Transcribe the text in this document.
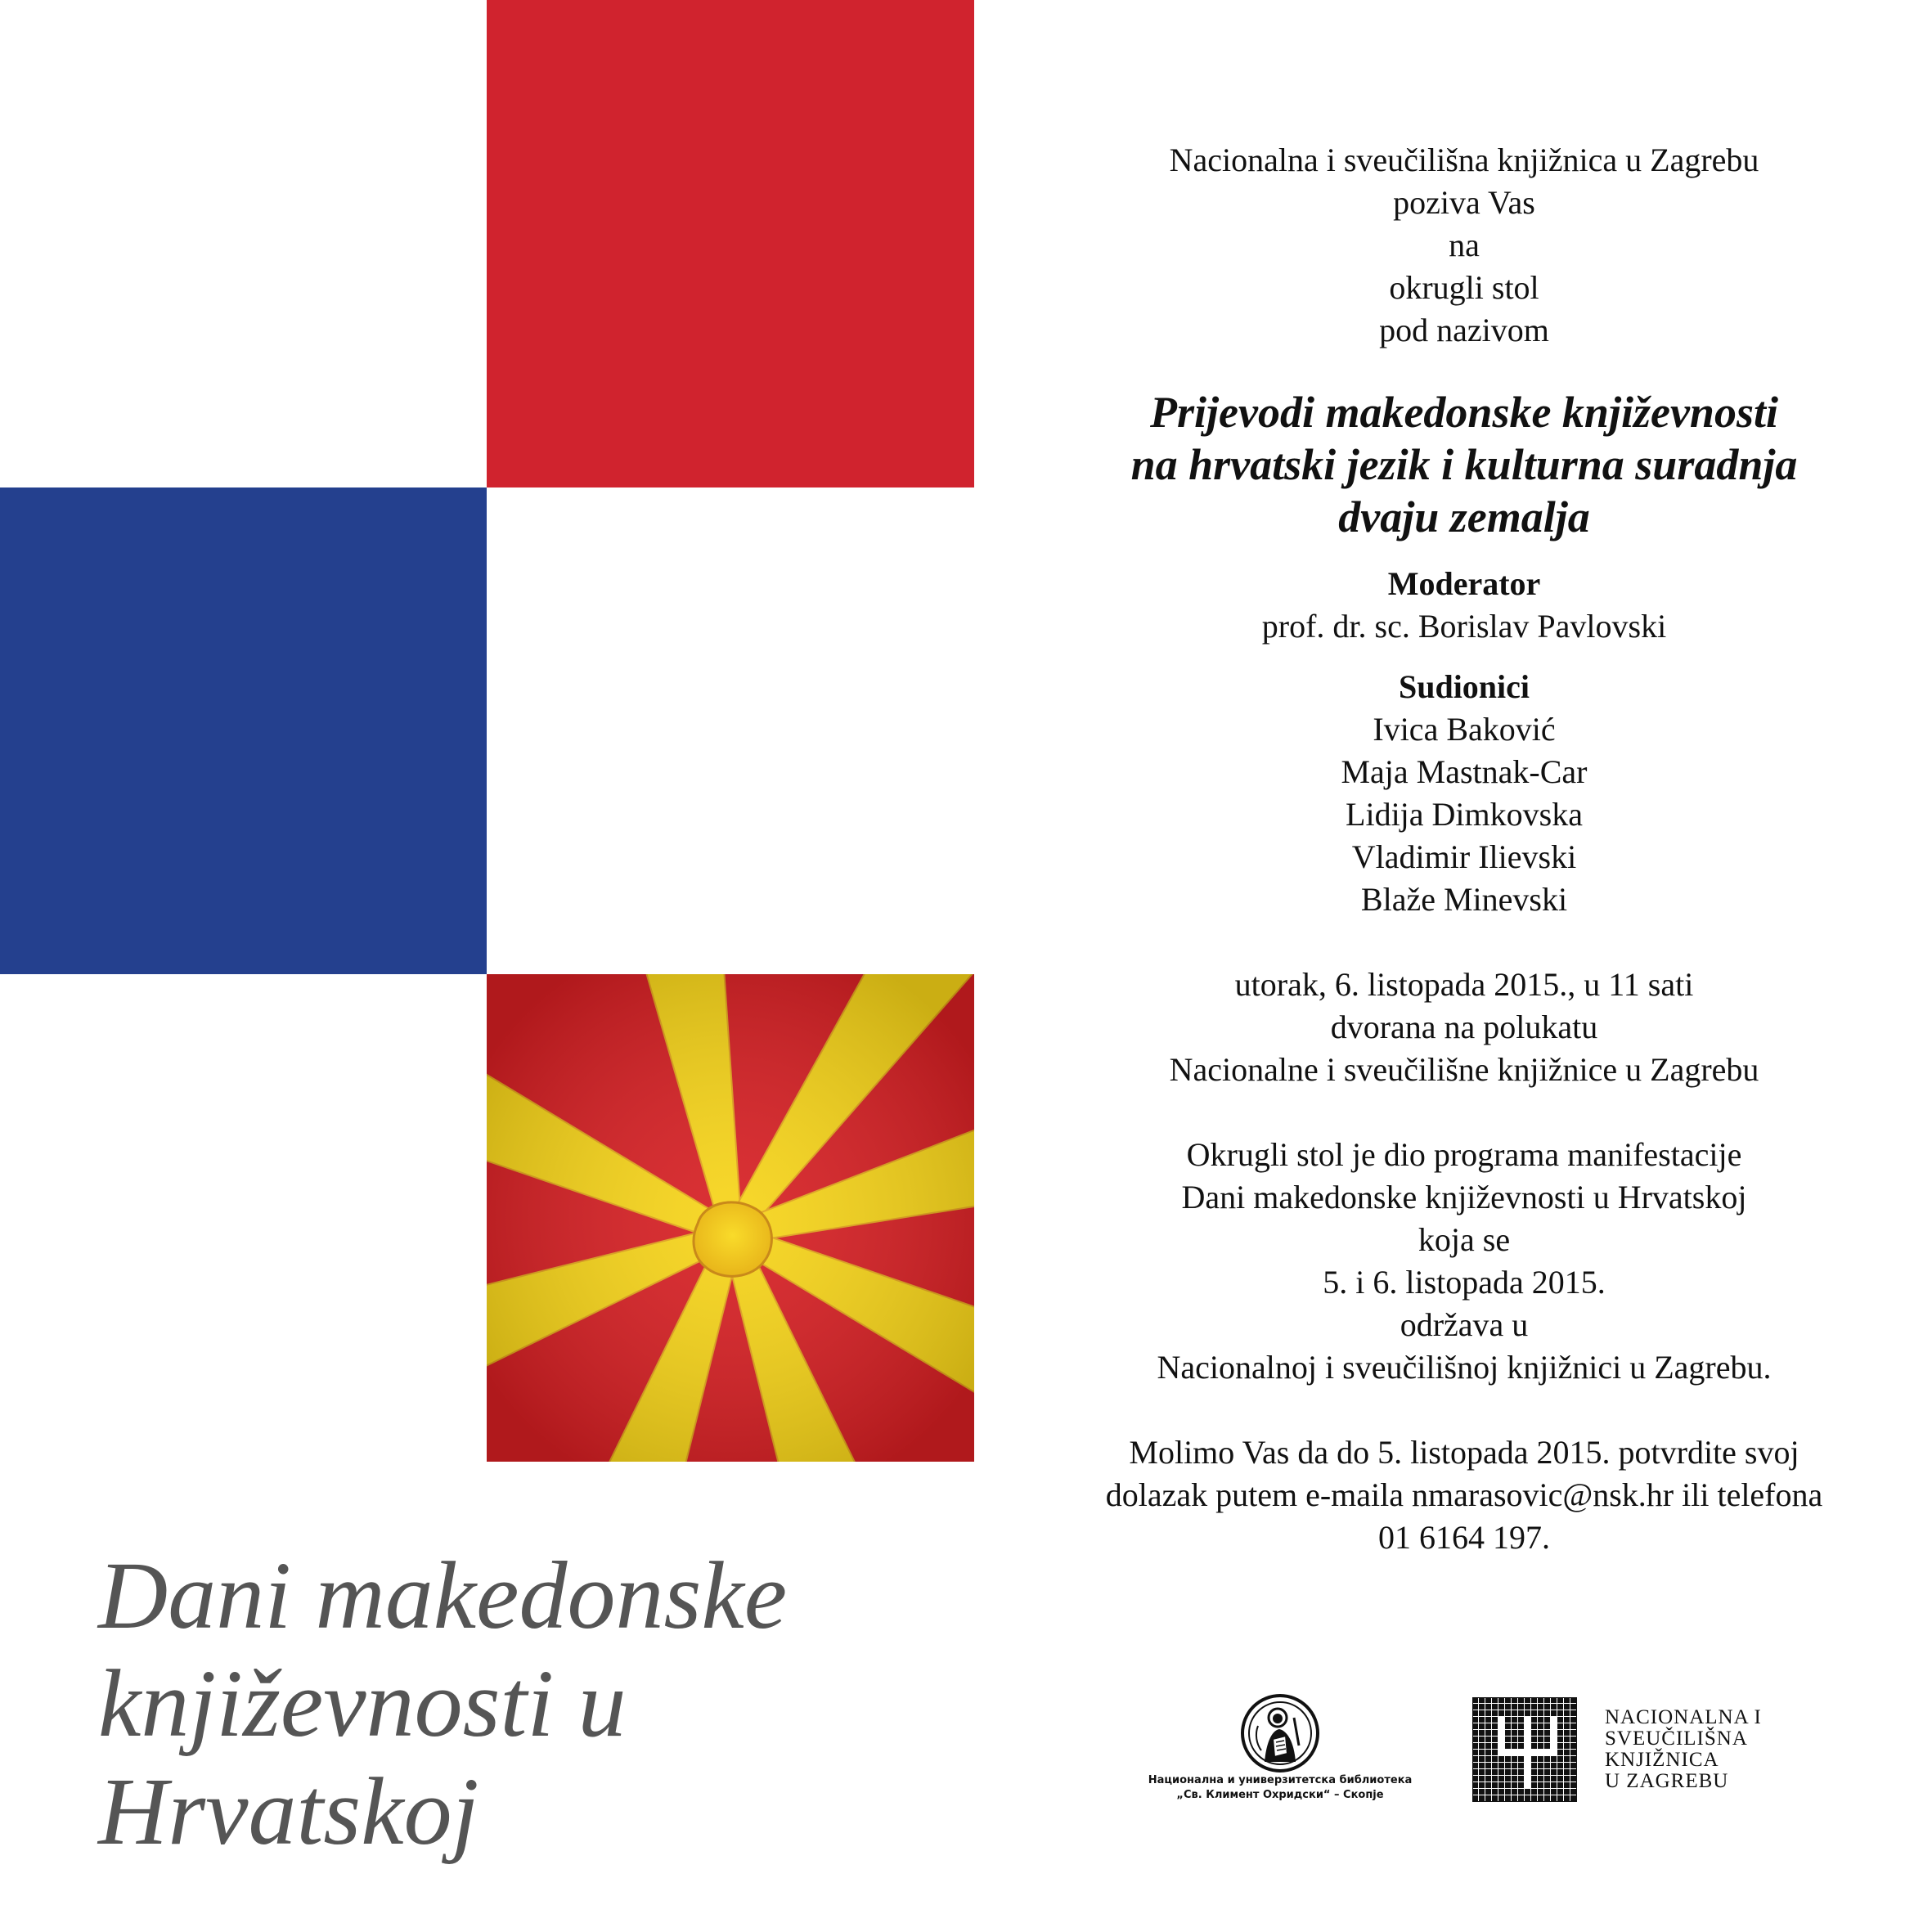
Dani makedonske
književnosti u
Hrvatskoj
Nacionalna i sveučilišna knjižnica u Zagrebu
poziva Vas
na
okrugli stol
pod nazivom
Prijevodi makedonske književnosti
na hrvatski jezik i kulturna suradnja
dvaju zemalja
Moderator
prof. dr. sc. Borislav Pavlovski
Sudionici
Ivica Baković
Maja Mastnak-Car
Lidija Dimkovska
Vladimir Ilievski
Blaže Minevski
utorak, 6. listopada 2015., u 11 sati
dvorana na polukatu
Nacionalne i sveučilišne knjižnice u Zagrebu
Okrugli stol je dio programa manifestacije
Dani makedonske književnosti u Hrvatskoj
koja se
5. i 6. listopada 2015.
održava u
Nacionalnoj i sveučilišnoj knjižnici u Zagrebu.
Molimo Vas da do 5. listopada 2015. potvrdite svoj
dolazak putem e-maila nmarasovic@nsk.hr ili telefona
01 6164 197.
Национална и универзитетска библиотека
„Св. Климент Охридски“ – Скопје
NACIONALNA I
SVEUČILIŠNA
KNJIŽNICA
U ZAGREBU
